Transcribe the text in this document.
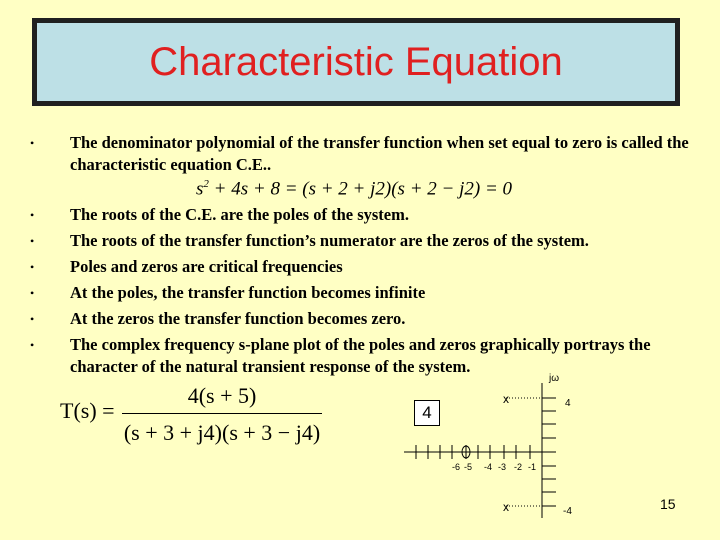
Characteristic Equation
• The denominator polynomial of the transfer function when set equal to zero is called the characteristic equation C.E..
$s^2 + 4s + 8 = (s + 2 + j2)(s + 2 - j2) = 0$
• The roots of the C.E. are the poles of the system.
• The roots of the transfer function’s numerator are the zeros of the system.
• Poles and zeros are critical frequencies
• At the poles, the transfer function becomes infinite
• At the zeros the transfer function becomes zero.
• The complex frequency s-plane plot of the poles and zeros graphically portrays the character of the natural transient response of the system.
T(s) =
4(s + 5)
(s + 3 + j4)(s + 3 − j4)
x
x
jω
4
-4
-6 -5 -4 -3 -2 -1
4
15
